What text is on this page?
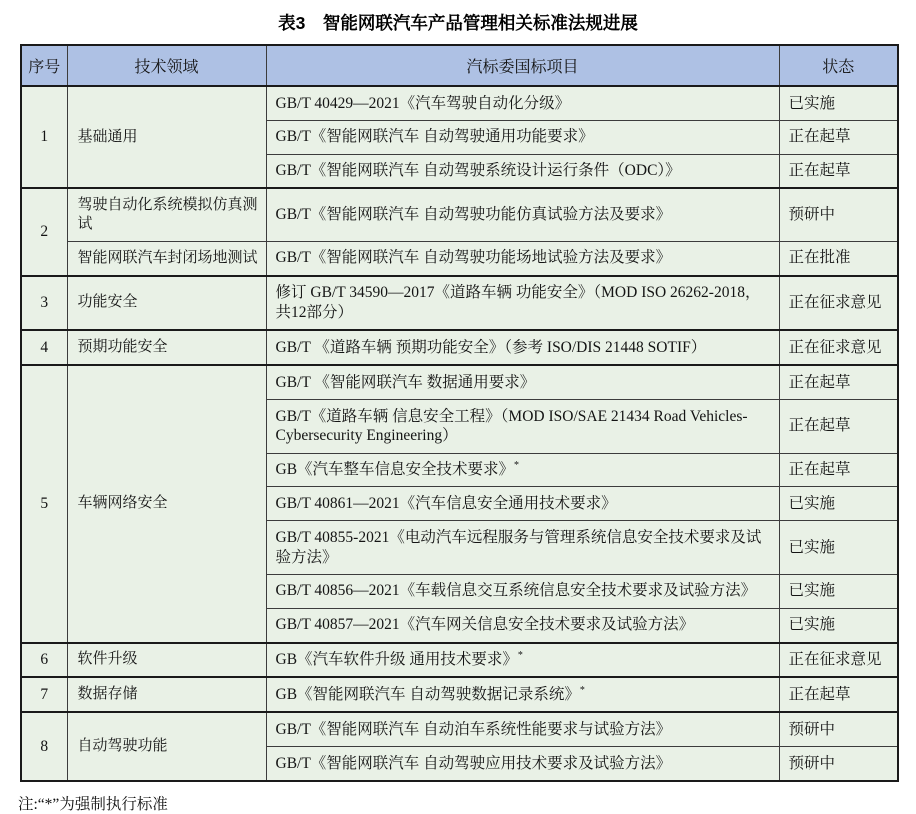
表3　智能网联汽车产品管理相关标准法规进展
序号	技术领域	汽标委国标项目	状态
1	基础通用	GB/T 40429—2021《汽车驾驶自动化分级》	已实施
		GB/T《智能网联汽车 自动驾驶通用功能要求》	正在起草
		GB/T《智能网联汽车 自动驾驶系统设计运行条件（ODC）》	正在起草
2	驾驶自动化系统模拟仿真测试	GB/T《智能网联汽车 自动驾驶功能仿真试验方法及要求》	预研中
	智能网联汽车封闭场地测试	GB/T《智能网联汽车 自动驾驶功能场地试验方法及要求》	正在批准
3	功能安全	修订 GB/T 34590—2017《道路车辆 功能安全》（MOD ISO 26262-2018，共12部分）	正在征求意见
4	预期功能安全	GB/T 《道路车辆 预期功能安全》（参考 ISO/DIS 21448 SOTIF）	正在征求意见
5	车辆网络安全	GB/T 《智能网联汽车 数据通用要求》	正在起草
		GB/T《道路车辆 信息安全工程》（MOD ISO/SAE 21434 Road Vehicles-Cybersecurity Engineering）	正在起草
		GB《汽车整车信息安全技术要求》*	正在起草
		GB/T 40861—2021《汽车信息安全通用技术要求》	已实施
		GB/T 40855-2021《电动汽车远程服务与管理系统信息安全技术要求及试验方法》	已实施
		GB/T 40856—2021《车载信息交互系统信息安全技术要求及试验方法》	已实施
		GB/T 40857—2021《汽车网关信息安全技术要求及试验方法》	已实施
6	软件升级	GB《汽车软件升级 通用技术要求》*	正在征求意见
7	数据存储	GB《智能网联汽车 自动驾驶数据记录系统》*	正在起草
8	自动驾驶功能	GB/T《智能网联汽车 自动泊车系统性能要求与试验方法》	预研中
		GB/T《智能网联汽车 自动驾驶应用技术要求及试验方法》	预研中
注:“*”为强制执行标准
